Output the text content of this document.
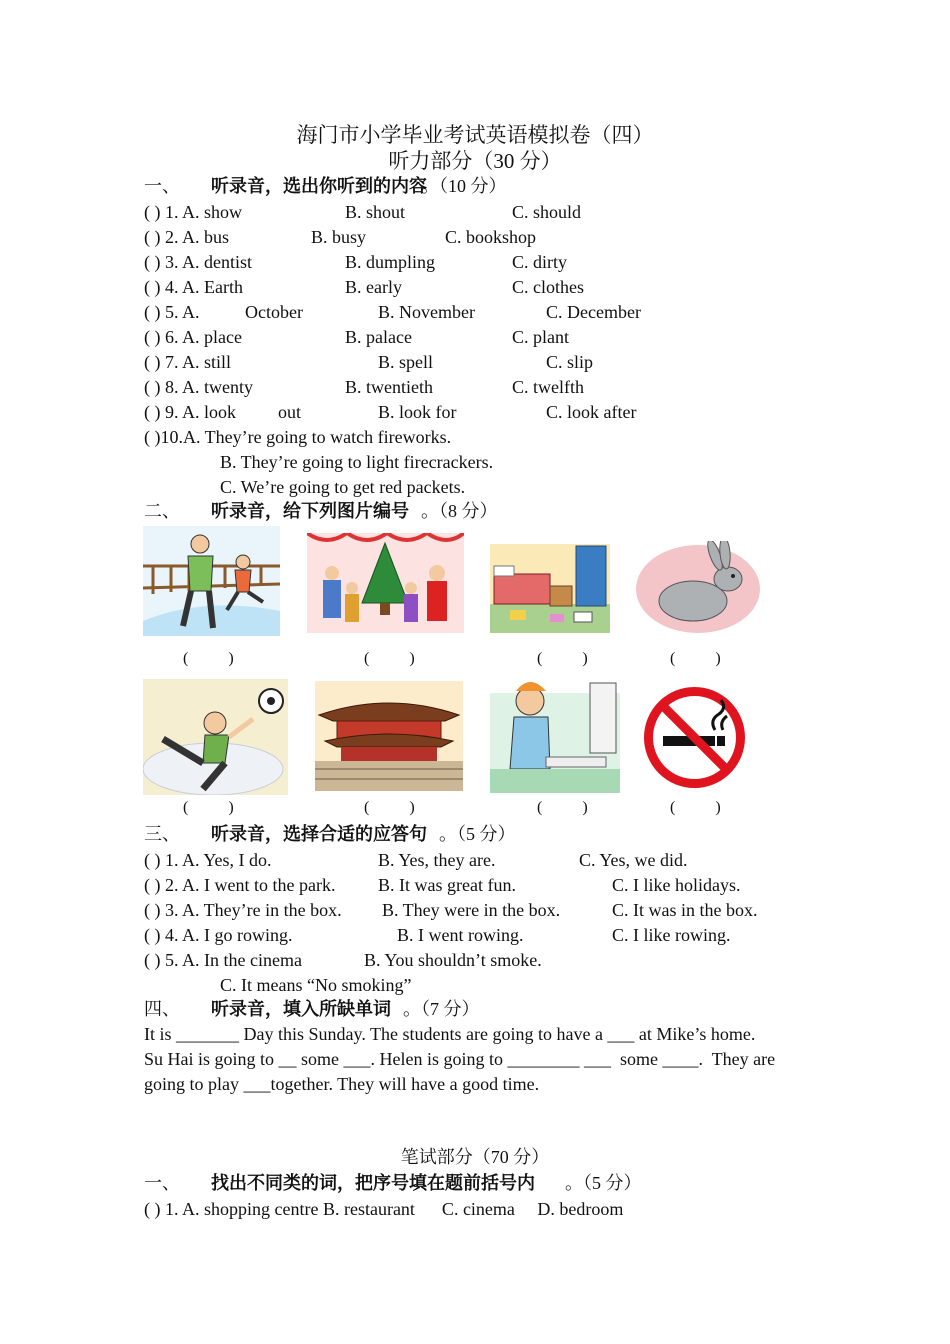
海门市小学毕业考试英语模拟卷（四）
听力部分（30 分）
一、 听录音，选出你听到的内容
。（10 分）
( ) 1. A. show	B. shout	C. should
( ) 2. A. bus	B. busy	C. bookshop
( ) 3. A. dentist	B. dumpling	C. dirty
( ) 4. A. Earth	B. early	C. clothes
( ) 5. A.	October	B. November	C. December
( ) 6. A. place	B. palace	C. plant
( ) 7. A. still	B. spell	C. slip
( ) 8. A. twenty	B. twentieth	C. twelfth
( ) 9. A. look out	B. look for	C. look after
( )10.A. They’re going to watch fireworks.
B. They’re going to light firecrackers.
C. We’re going to get red packets.
二、 听录音，给下列图片编号 。（8 分）
(          )	(          )	(          )	(          )
(          )	(          )	(          )	(          )
三、 听录音，选择合适的应答句 。（5 分）
( ) 1. A. Yes, I do.	B. Yes, they are.	C. Yes, we did.
( ) 2. A. I went to the park. B. It was great fun.	C. I like holidays.
( ) 3. A. They’re in the box. B. They were in the box.	C. It was in the box.
( ) 4. A. I go rowing.	B. I went rowing.	C. I like rowing.
( ) 5. A. In the cinema	B. You shouldn’t smoke.
C. It means “No smoking”
四、 听录音，填入所缺单词 。（7 分）
It is _______ Day this Sunday. The students are going to have a ___ at Mike’s home.
Su Hai is going to __ some ___. Helen is going to ________ ___  some ____.  They are
going to play ___together. They will have a good time.
笔试部分（70 分）
一、 找出不同类的词，把序号填在题前括号内 。（5 分）
( ) 1. A. shopping centre B. restaurant      C. cinema     D. bedroom
